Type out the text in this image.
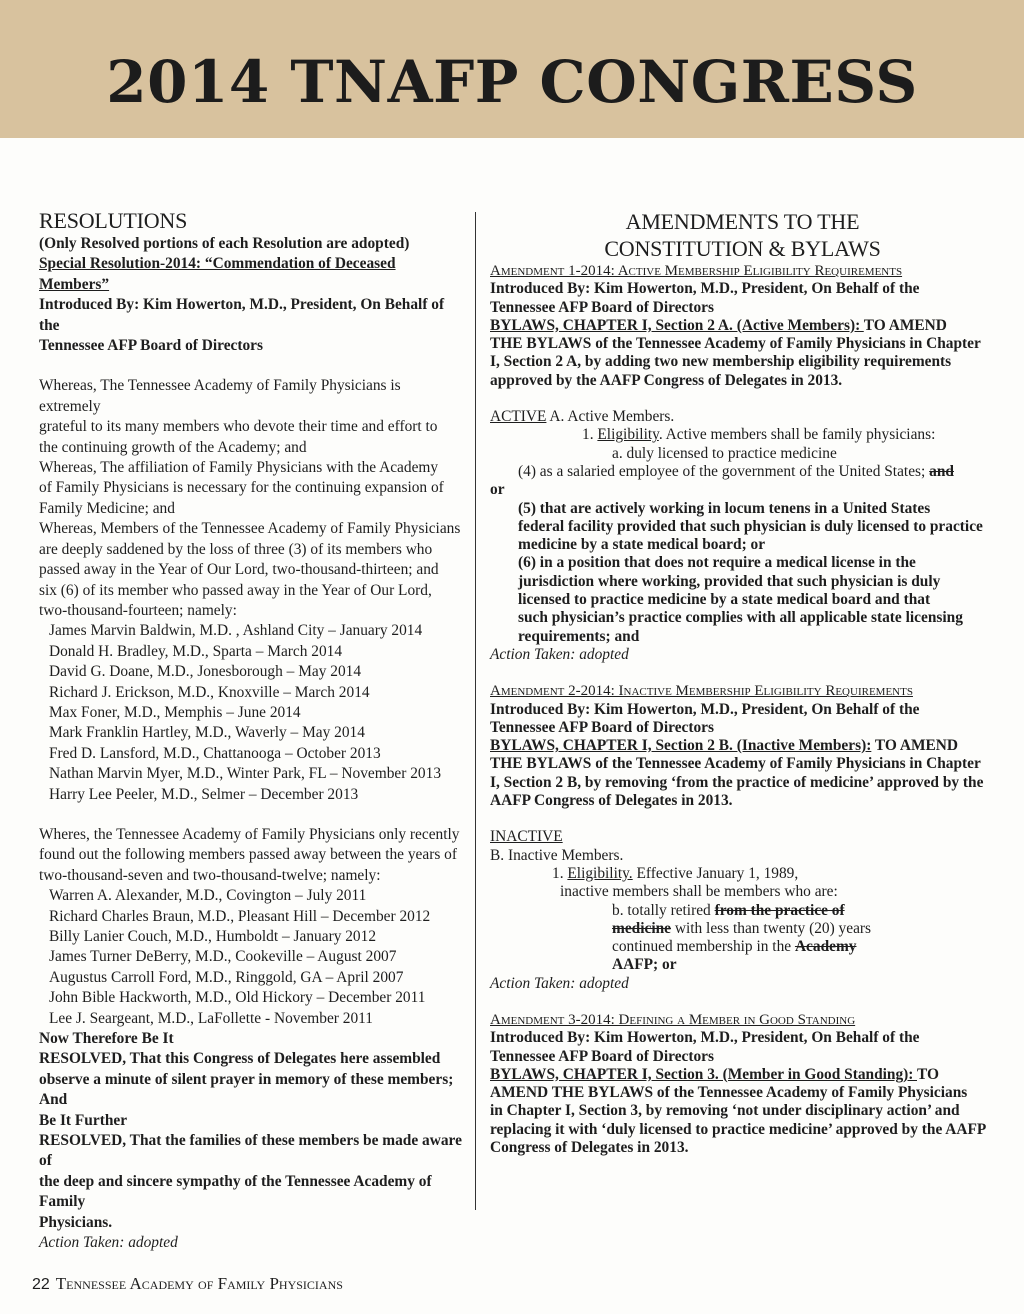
2014 TNAFP CONGRESS
RESOLUTIONS

(Only Resolved portions of each Resolution are adopted)

Special Resolution-2014: “Commendation of Deceased

Members”

Introduced By: Kim Howerton, M.D., President, On Behalf of the

Tennessee AFP Board of Directors

Whereas, The Tennessee Academy of Family Physicians is extremely

grateful to its many members who devote their time and effort to

the continuing growth of the Academy; and

Whereas, The affiliation of Family Physicians with the Academy

of Family Physicians is necessary for the continuing expansion of

Family Medicine; and

Whereas, Members of the Tennessee Academy of Family Physicians

are deeply saddened by the loss of three (3) of its members who

passed away in the Year of Our Lord, two-thousand-thirteen; and

six (6) of its member who passed away in the Year of Our Lord,

two-thousand-fourteen; namely:

James Marvin Baldwin, M.D. , Ashland City – January 2014

Donald H. Bradley, M.D., Sparta – March 2014

David G. Doane, M.D., Jonesborough – May 2014

Richard J. Erickson, M.D., Knoxville – March 2014

Max Foner, M.D., Memphis – June 2014

Mark Franklin Hartley, M.D., Waverly – May 2014

Fred D. Lansford, M.D., Chattanooga – October 2013

Nathan Marvin Myer, M.D., Winter Park, FL – November 2013

Harry Lee Peeler, M.D., Selmer – December 2013

Wheres, the Tennessee Academy of Family Physicians only recently

found out the following members passed away between the years of

two-thousand-seven and two-thousand-twelve; namely:

Warren A. Alexander, M.D., Covington – July 2011

Richard Charles Braun, M.D., Pleasant Hill – December 2012

Billy Lanier Couch, M.D., Humboldt – January 2012

James Turner DeBerry, M.D., Cookeville – August 2007

Augustus Carroll Ford, M.D., Ringgold, GA – April 2007

John Bible Hackworth, M.D., Old Hickory – December 2011

Lee J. Seargeant, M.D., LaFollette - November 2011

Now Therefore Be It

RESOLVED, That this Congress of Delegates here assembled

observe a minute of silent prayer in memory of these members; And

Be It Further

RESOLVED, That the families of these members be made aware of

the deep and sincere sympathy of the Tennessee Academy of Family

Physicians.

Action Taken: adopted

AMENDMENTS TO THE
CONSTITUTION & BYLAWS

Amendment 1-2014: Active Membership Eligibility Requirements

Introduced By: Kim Howerton, M.D., President, On Behalf of the

Tennessee AFP Board of Directors

BYLAWS, CHAPTER I, Section 2 A. (Active Members): TO AMEND

THE BYLAWS of the Tennessee Academy of Family Physicians in Chapter

I, Section 2 A, by adding two new membership eligibility requirements

approved by the AAFP Congress of Delegates in 2013.

ACTIVE A. Active Members.

1. Eligibility. Active members shall be family physicians:

a. duly licensed to practice medicine

(4) as a salaried employee of the government of the United States; and

or

(5) that are actively working in locum tenens in a United States

federal facility provided that such physician is duly licensed to practice

medicine by a state medical board; or

(6) in a position that does not require a medical license in the

jurisdiction where working, provided that such physician is duly

licensed to practice medicine by a state medical board and that

such physician’s practice complies with all applicable state licensing

requirements; and

Action Taken: adopted

Amendment 2-2014: Inactive Membership Eligibility Requirements

Introduced By: Kim Howerton, M.D., President, On Behalf of the

Tennessee AFP Board of Directors

BYLAWS, CHAPTER I, Section 2 B. (Inactive Members): TO AMEND

THE BYLAWS of the Tennessee Academy of Family Physicians in Chapter

I, Section 2 B, by removing ‘from the practice of medicine’ approved by the

AAFP Congress of Delegates in 2013.

INACTIVE

B. Inactive Members.

1. Eligibility. Effective January 1, 1989,

inactive members shall be members who are:

b. totally retired from the practice of

medicine with less than twenty (20) years

continued membership in the Academy

AAFP; or

Action Taken: adopted

Amendment 3-2014: Defining a Member in Good Standing

Introduced By: Kim Howerton, M.D., President, On Behalf of the

Tennessee AFP Board of Directors

BYLAWS, CHAPTER I, Section 3. (Member in Good Standing): TO

AMEND THE BYLAWS of the Tennessee Academy of Family Physicians

in Chapter I, Section 3, by removing ‘not under disciplinary action’ and

replacing it with ‘duly licensed to practice medicine’ approved by the AAFP

Congress of Delegates in 2013.

22 Tennessee Academy of Family Physicians
